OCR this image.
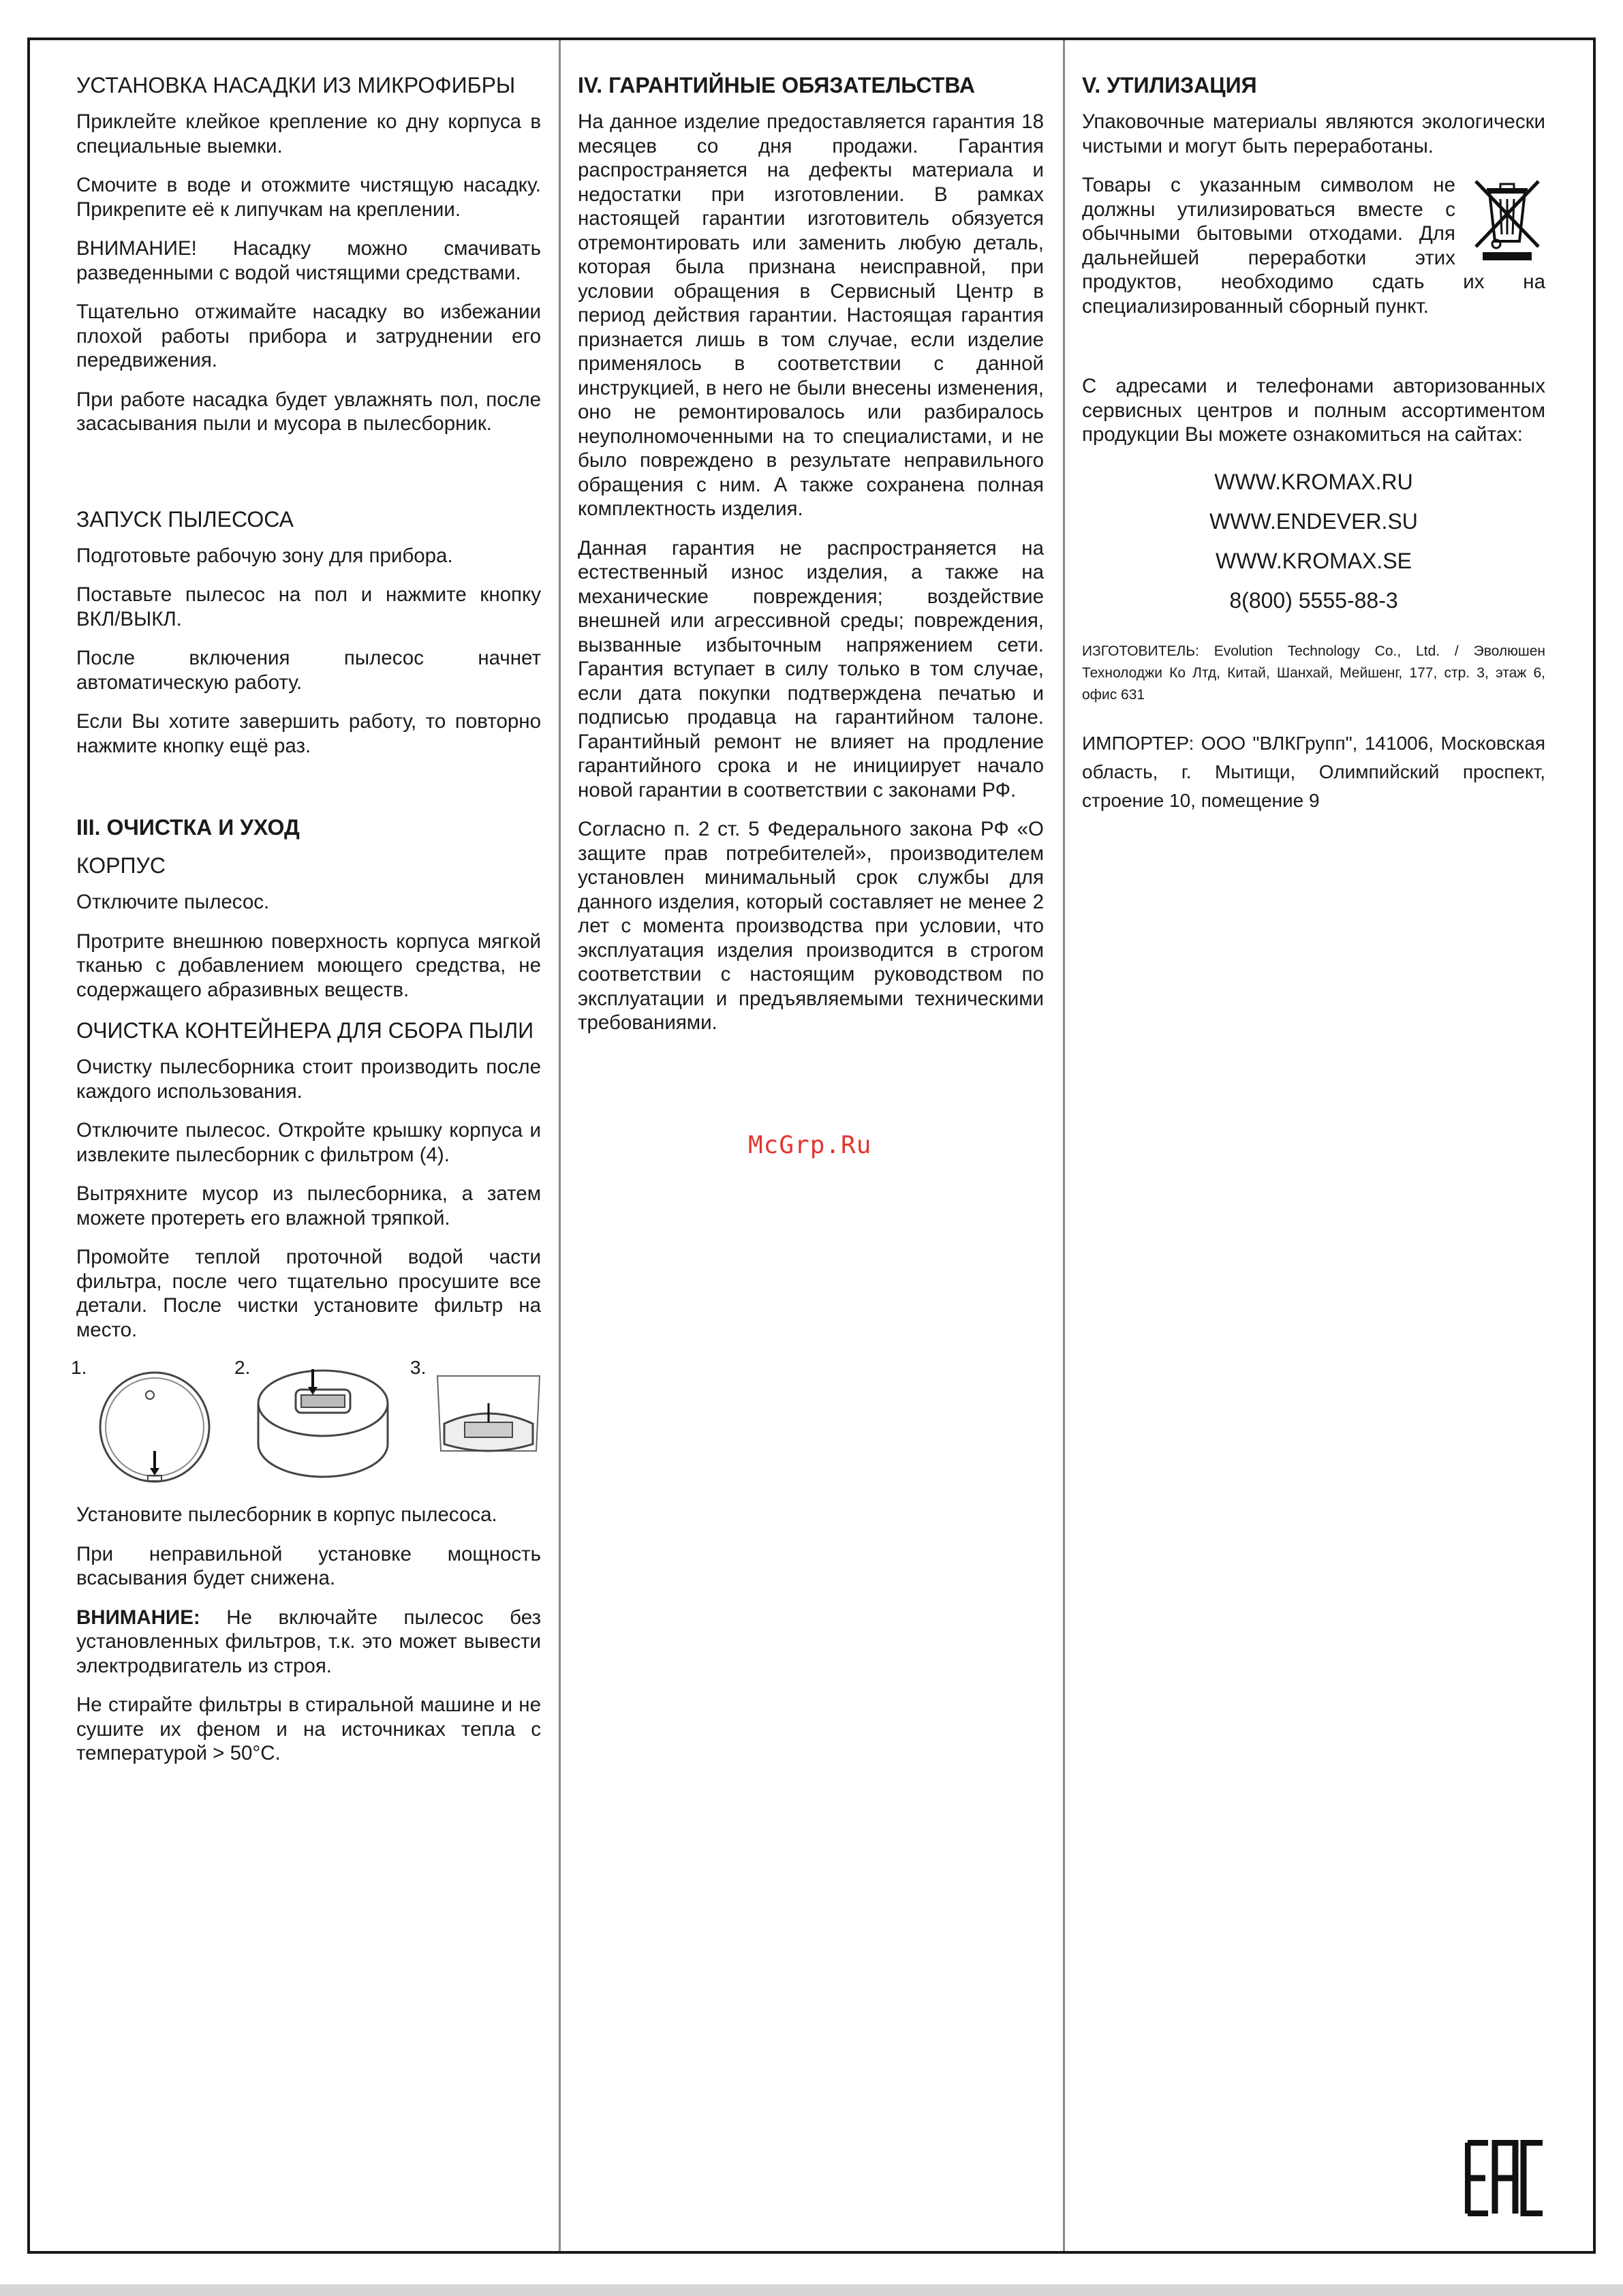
УСТАНОВКА НАСАДКИ ИЗ МИКРОФИБРЫ

Приклейте клейкое крепление ко дну корпуса в специальные выемки.

Смочите в воде и отожмите чистящую насадку. Прикрепите её к липучкам на креплении.

ВНИМАНИЕ! Насадку можно смачивать разведенными с водой чистящими средствами.

Тщательно отжимайте насадку во избежании плохой работы прибора и затруднении его передвижения.

При работе насадка будет увлажнять пол, после засасывания пыли и мусора в пылесборник.

ЗАПУСК ПЫЛЕСОСА

Подготовьте рабочую зону для прибора.

Поставьте пылесос на пол и нажмите кнопку ВКЛ/ВЫКЛ.

После включения пылесос начнет автоматическую работу.

Если Вы хотите завершить работу, то повторно нажмите кнопку ещё раз.

III. ОЧИСТКА И УХОД
КОРПУС

Отключите пылесос.

Протрите внешнюю поверхность корпуса мягкой тканью с добавлением моющего средства, не содержащего абразивных веществ.

ОЧИСТКА КОНТЕЙНЕРА ДЛЯ СБОРА ПЫЛИ

Очистку пылесборника стоит производить после каждого использования.

Отключите пылесос. Откройте крышку корпуса и извлеките пылесборник с фильтром (4).

Вытряхните мусор из пылесборника, а затем можете протереть его влажной тряпкой.

Промойте теплой проточной водой части фильтра, после чего тщательно просушите все детали. После чистки установите фильтр на место.

1.	2.	3.

Установите пылесборник в корпус пылесоса.

При неправильной установке мощность всасывания будет снижена.

ВНИМАНИЕ: Не включайте пылесос без установленных фильтров, т.к. это может вывести электродвигатель из строя.

Не стирайте фильтры в стиральной машине и не сушите их феном и на источниках тепла с температурой > 50°С.

IV. ГАРАНТИЙНЫЕ ОБЯЗАТЕЛЬСТВА

На данное изделие предоставляется гарантия 18 месяцев со дня продажи. Гарантия распространяется на дефекты материала и недостатки при изготовлении. В рамках настоящей гарантии изготовитель обязуется отремонтировать или заменить любую деталь, которая была признана неисправной, при условии обращения в Сервисный Центр в период действия гарантии. Настоящая гарантия признается лишь в том случае, если изделие применялось в соответствии с данной инструкцией, в него не были внесены изменения, оно не ремонтировалось или разбиралось неуполномоченными на то специалистами, и не было повреждено в результате неправильного обращения с ним. А также сохранена полная комплектность изделия.

Данная гарантия не распространяется на естественный износ изделия, а также на механические повреждения; воздействие внешней или агрессивной среды; повреждения, вызванные избыточным напряжением сети. Гарантия вступает в силу только в том случае, если дата покупки подтверждена печатью и подписью продавца на гарантийном талоне. Гарантийный ремонт не влияет на продление гарантийного срока и не инициирует начало новой гарантии в соответствии с законами РФ.

Согласно п. 2 ст. 5 Федерального закона РФ «О защите прав потребителей», производителем установлен минимальный срок службы для данного изделия, который составляет не менее 2 лет с момента производства при условии, что эксплуатация изделия производится в строгом соответствии с настоящим руководством по эксплуатации и предъявляемыми техническими требованиями.

V. УТИЛИЗАЦИЯ

Упаковочные материалы являются экологически чистыми и могут быть переработаны.

Товары с указанным символом не должны утилизироваться вместе с обычными бытовыми отходами. Для дальнейшей переработки этих продуктов, необходимо сдать их на специализированный сборный пункт.

С адресами и телефонами авторизованных сервисных центров и полным ассортиментом продукции Вы можете ознакомиться на сайтах:

WWW.KROMAX.RU
WWW.ENDEVER.SU
WWW.KROMAX.SE
8(800) 5555-88-3
ИЗГОТОВИТЕЛЬ: Evolution Technology Co., Ltd. / Эволюшен Технолоджи Ко Лтд, Китай, Шанхай, Мейшенг, 177, стр. 3, этаж 6, офис 631
ИМПОРТЕР: ООО "ВЛКГрупп", 141006, Московская область, г. Мытищи, Олимпийский проспект, строение 10, помещение 9
McGrp.Ru
